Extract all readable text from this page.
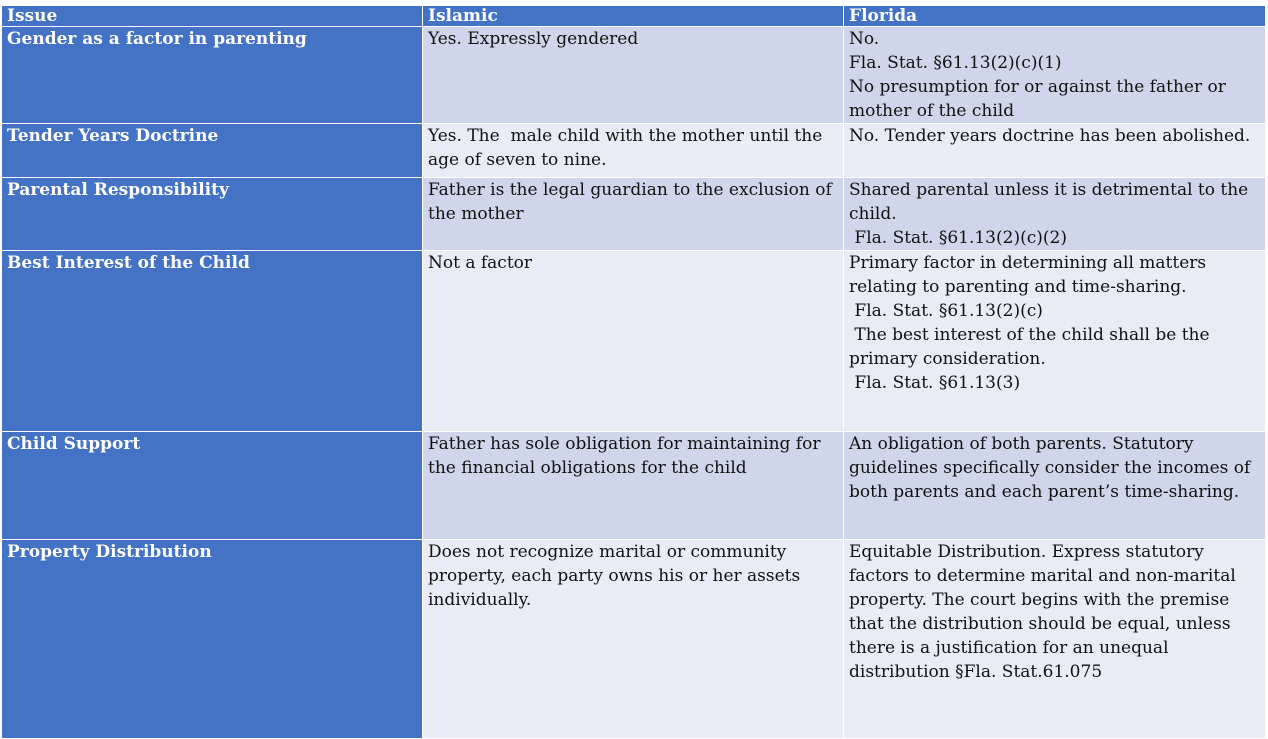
Issue	Islamic	Florida
Gender as a factor in parenting	Yes. Expressly gendered	No.
Fla. Stat. §61.13(2)(c)(1)
No presumption for or against the father or mother of the child

Tender Years Doctrine	Yes. The  male child with the mother until the age of seven to nine.	No. Tender years doctrine has been abolished.

Parental Responsibility	Father is the legal guardian to the exclusion of the mother	Shared parental unless it is detrimental to the child.
Fla. Stat. §61.13(2)(c)(2)

Best Interest of the Child	Not a factor	Primary factor in determining all matters relating to parenting and time-sharing.
Fla. Stat. §61.13(2)(c)
The best interest of the child shall be the primary consideration.
Fla. Stat. §61.13(3)

Child Support	Father has sole obligation for maintaining for the financial obligations for the child	An obligation of both parents. Statutory guidelines specifically consider the incomes of both parents and each parent’s time-sharing.

Property Distribution	Does not recognize marital or community property, each party owns his or her assets individually.	Equitable Distribution. Express statutory factors to determine marital and non-marital property. The court begins with the premise that the distribution should be equal, unless there is a justification for an unequal distribution §Fla. Stat.61.075
